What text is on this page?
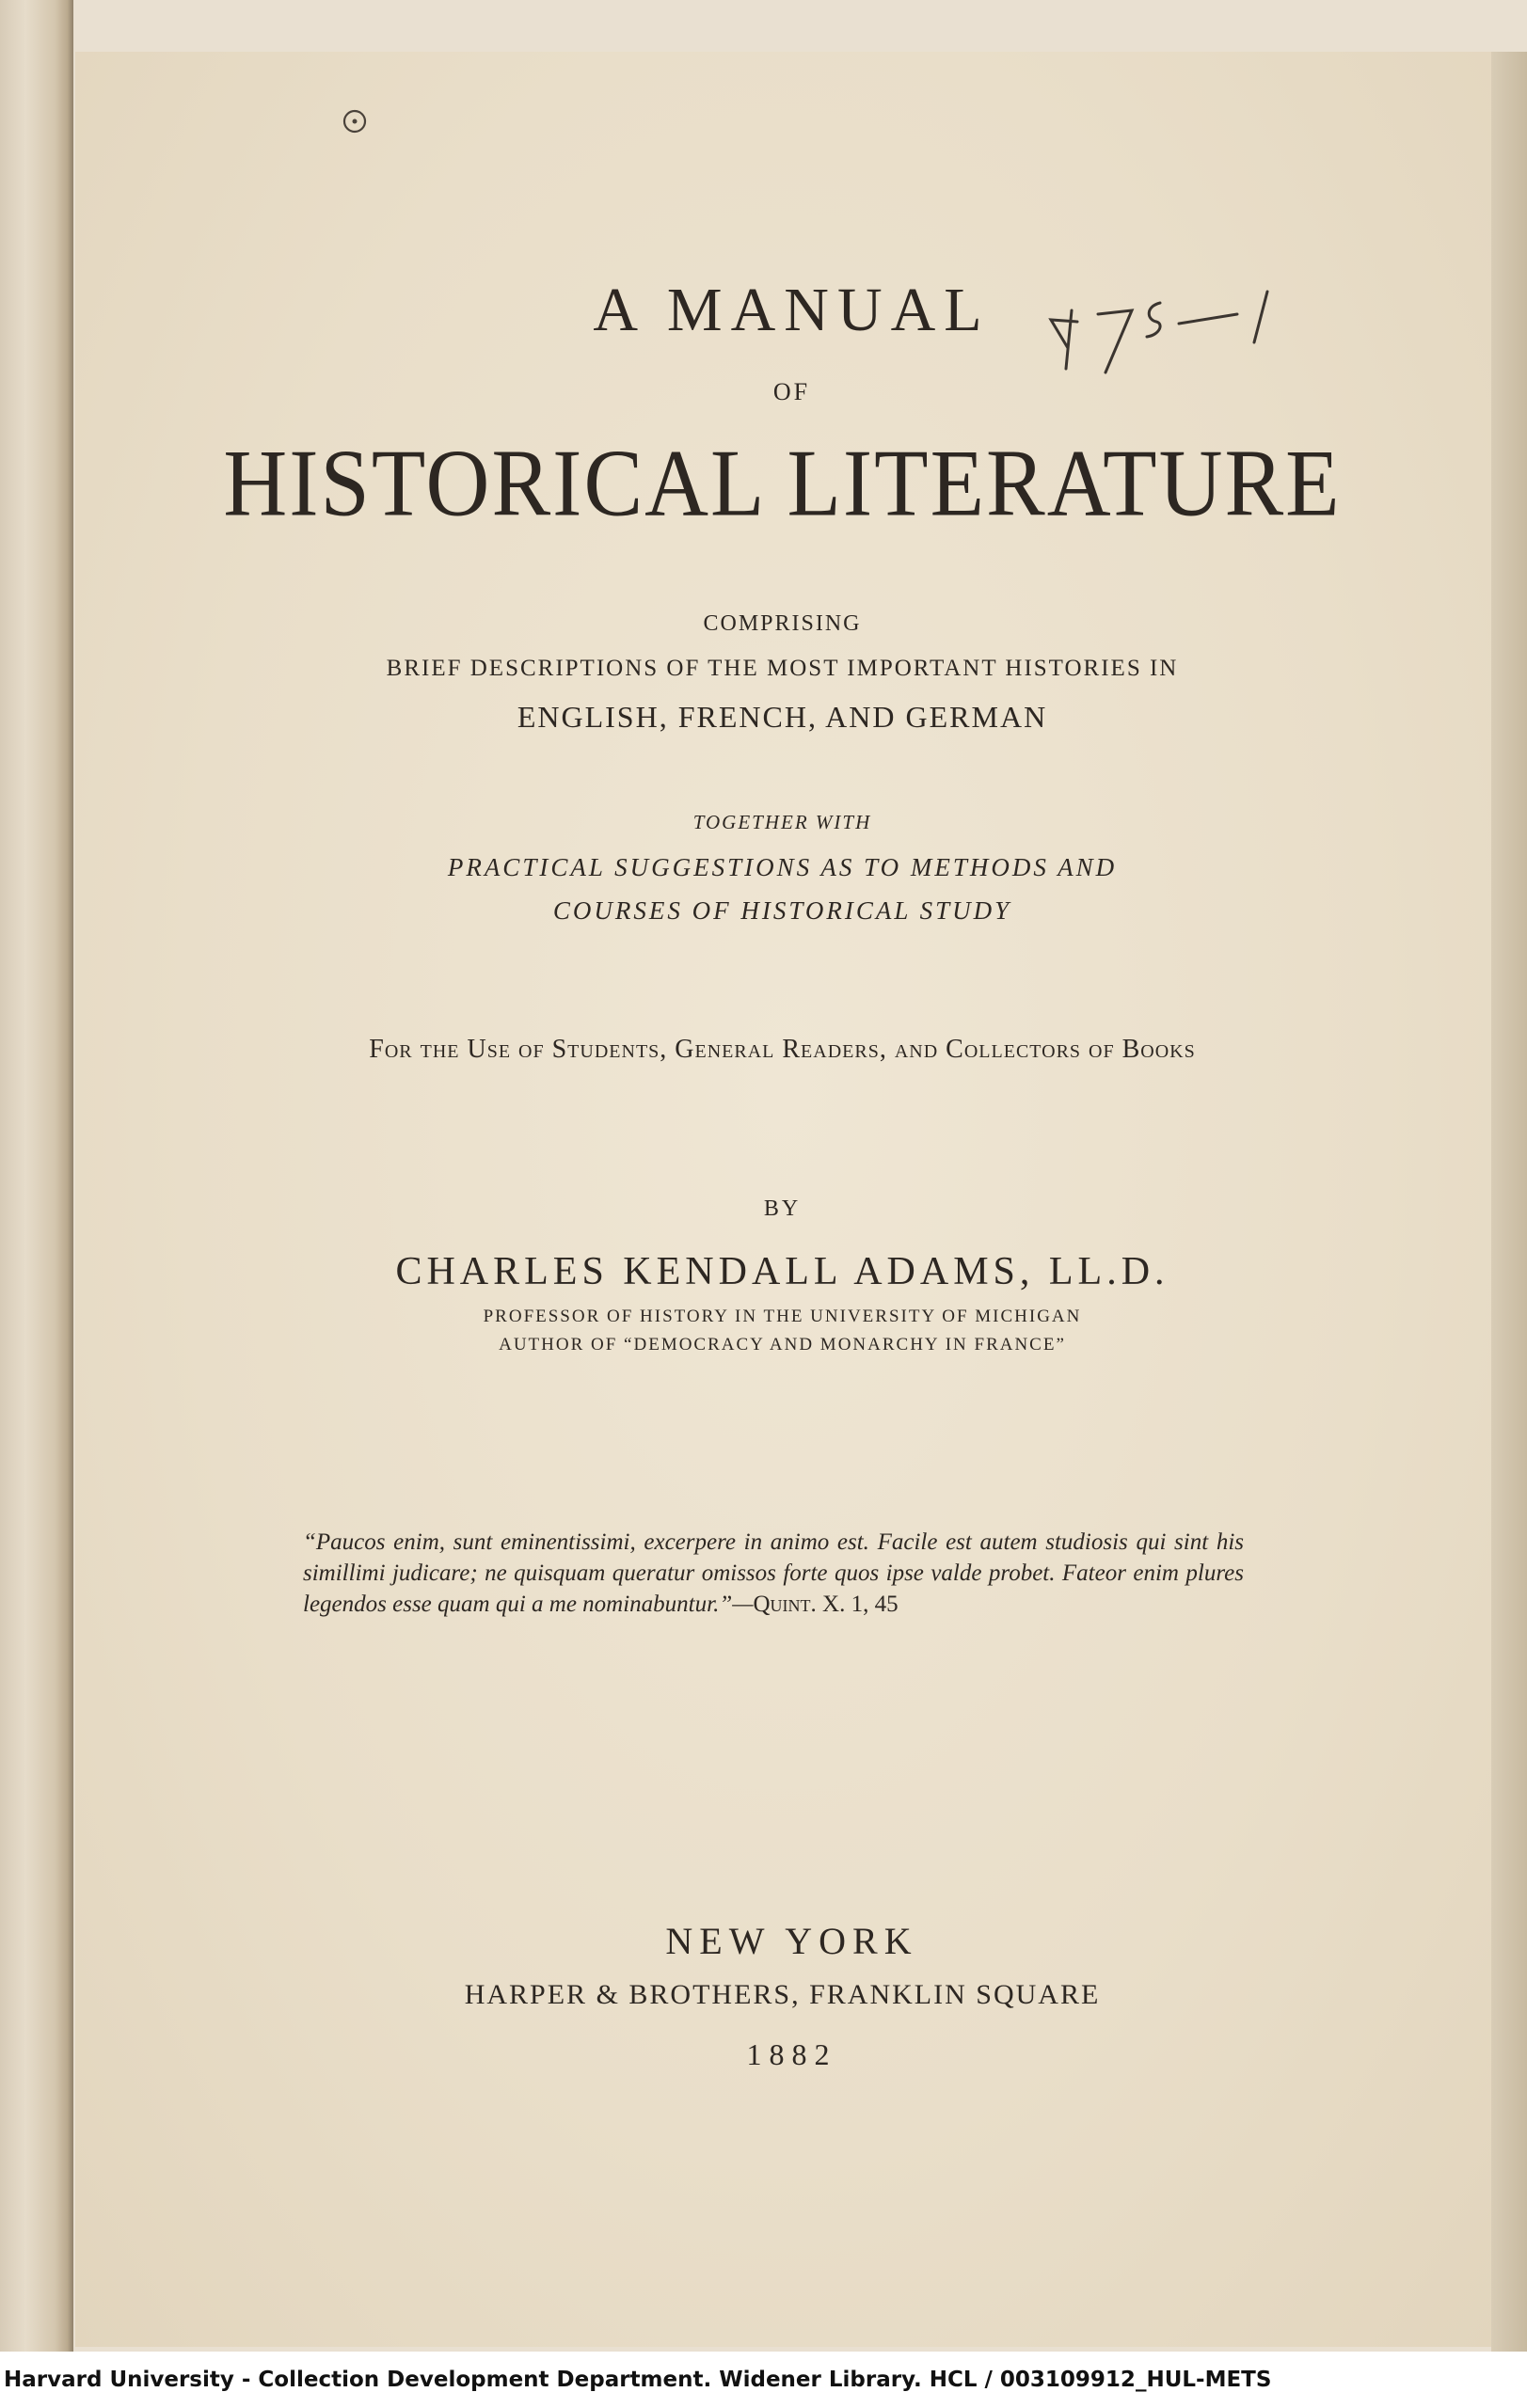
475-1
A MANUAL
OF
HISTORICAL LITERATURE
COMPRISING
BRIEF DESCRIPTIONS OF THE MOST IMPORTANT HISTORIES IN
ENGLISH, FRENCH, AND GERMAN
TOGETHER WITH
PRACTICAL SUGGESTIONS AS TO METHODS AND
COURSES OF HISTORICAL STUDY
For the Use of Students, General Readers, and Collectors of Books
BY
CHARLES KENDALL ADAMS, LL.D.
PROFESSOR OF HISTORY IN THE UNIVERSITY OF MICHIGAN
AUTHOR OF “DEMOCRACY AND MONARCHY IN FRANCE”
“Paucos enim, sunt eminentissimi, excerpere in animo est. Facile est autem studiosis qui sint his simillimi judicare; ne quisquam queratur omissos forte quos ipse valde probet. Fateor enim plures legendos esse quam qui a me nominabuntur.”—Quint. X. 1, 45
NEW YORK
HARPER & BROTHERS, FRANKLIN SQUARE
1882
Harvard University - Collection Development Department. Widener Library. HCL / 003109912_HUL-METS
